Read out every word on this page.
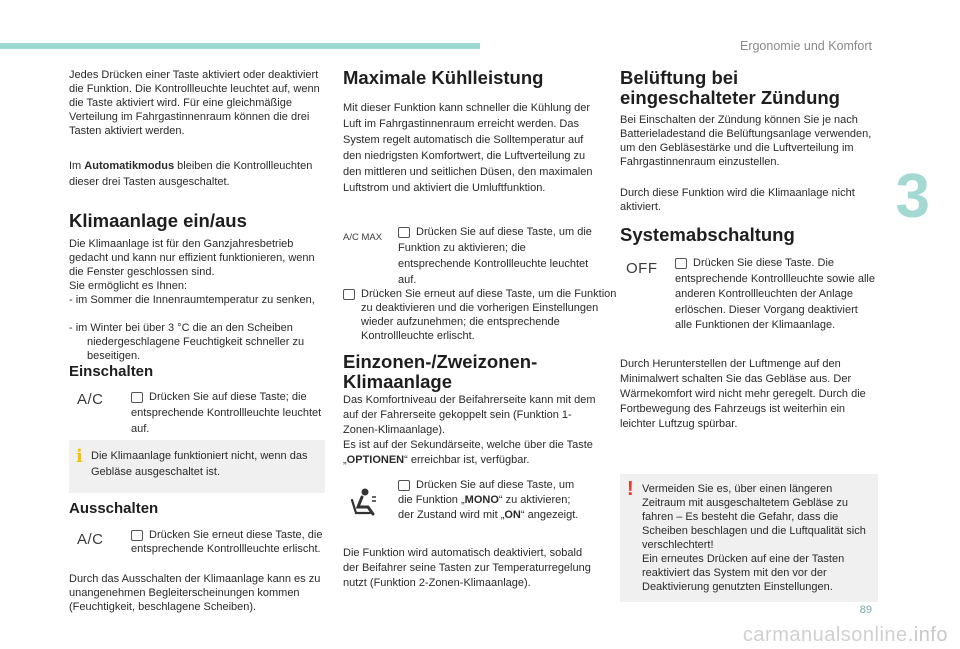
Ergonomie und Komfort
3

Jedes Drücken einer Taste aktiviert oder deaktiviert die Funktion. Die Kontrollleuchte leuchtet auf, wenn die Taste aktiviert wird. Für eine gleichmäßige Verteilung im Fahrgastinnenraum können die drei Tasten aktiviert werden.

Im Automatikmodus bleiben die Kontrollleuchten dieser drei Tasten ausgeschaltet.

Klimaanlage ein/aus

Die Klimaanlage ist für den Ganzjahresbetrieb gedacht und kann nur effizient funktionieren, wenn die Fenster geschlossen sind.

Sie ermöglicht es Ihnen:

- im Sommer die Innenraumtemperatur zu senken,

- im Winter bei über 3 °C die an den Scheiben niedergeschlagene Feuchtigkeit schneller zu beseitigen.

Einschalten
A/C	Drücken Sie auf diese Taste; die entsprechende Kontrollleuchte leuchtet auf.

i Die Klimaanlage funktioniert nicht, wenn das Gebläse ausgeschaltet ist.

Ausschalten
A/C	Drücken Sie erneut diese Taste, die entsprechende Kontrollleuchte erlischt.

Durch das Ausschalten der Klimaanlage kann es zu unangenehmen Begleiterscheinungen kommen (Feuchtigkeit, beschlagene Scheiben).

Maximale Kühlleistung

Mit dieser Funktion kann schneller die Kühlung der Luft im Fahrgastinnenraum erreicht werden. Das System regelt automatisch die Solltemperatur auf den niedrigsten Komfortwert, die Luftverteilung zu den mittleren und seitlichen Düsen, den maximalen Luftstrom und aktiviert die Umluftfunktion.

A/C MAX	Drücken Sie auf diese Taste, um die Funktion zu aktivieren; die entsprechende Kontrollleuchte leuchtet auf.

Drücken Sie erneut auf diese Taste, um die Funktion zu deaktivieren und die vorherigen Einstellungen wieder aufzunehmen; die entsprechende Kontrollleuchte erlischt.

Einzonen-/Zweizonen-Klimaanlage

Das Komfortniveau der Beifahrerseite kann mit dem auf der Fahrerseite gekoppelt sein (Funktion 1-Zonen-Klimaanlage).

Es ist auf der Sekundärseite, welche über die Taste „OPTIONEN“ erreichbar ist, verfügbar.

Drücken Sie auf diese Taste, um die Funktion „MONO“ zu aktivieren; der Zustand wird mit „ON“ angezeigt.

Die Funktion wird automatisch deaktiviert, sobald der Beifahrer seine Tasten zur Temperaturregelung nutzt (Funktion 2-Zonen-Klimaanlage).

Belüftung bei eingeschalteter Zündung

Bei Einschalten der Zündung können Sie je nach Batterieladestand die Belüftungsanlage verwenden, um den Gebläsestärke und die Luftverteilung im Fahrgastinnenraum einzustellen.

Durch diese Funktion wird die Klimaanlage nicht aktiviert.

Systemabschaltung
OFF	Drücken Sie diese Taste. Die entsprechende Kontrollleuchte sowie alle anderen Kontrollleuchten der Anlage erlöschen. Dieser Vorgang deaktiviert alle Funktionen der Klimaanlage.

Durch Herunterstellen der Luftmenge auf den Minimalwert schalten Sie das Gebläse aus. Der Wärmekomfort wird nicht mehr geregelt. Durch die Fortbewegung des Fahrzeugs ist weiterhin ein leichter Luftzug spürbar.

! Vermeiden Sie es, über einen längeren Zeitraum mit ausgeschaltetem Gebläse zu fahren – Es besteht die Gefahr, dass die Scheiben beschlagen und die Luftqualität sich verschlechtert!

Ein erneutes Drücken auf eine der Tasten reaktiviert das System mit den vor der Deaktivierung genutzten Einstellungen.

89
carmanualsonline.info
